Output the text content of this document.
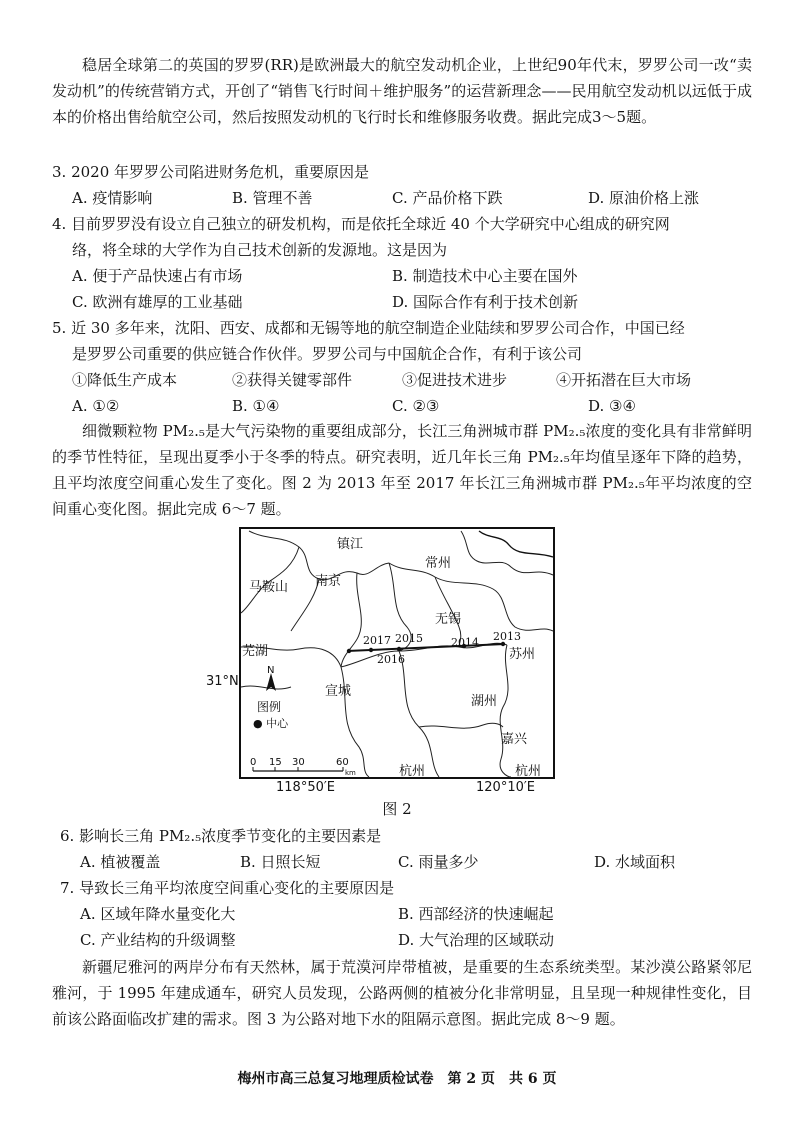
稳居全球第二的英国的罗罗(RR)是欧洲最大的航空发动机企业，上世纪90年代末，罗罗公司一改“卖发动机”的传统营销方式，开创了“销售飞行时间＋维护服务”的运营新理念——民用航空发动机以远低于成本的价格出售给航空公司，然后按照发动机的飞行时长和维修服务收费。据此完成3～5题。

3. 2020 年罗罗公司陷进财务危机，重要原因是
A. 疫情影响	B. 管理不善	C. 产品价格下跌	D. 原油价格上涨
4. 目前罗罗没有设立自己独立的研发机构，而是依托全球近 40 个大学研究中心组成的研究网
络，将全球的大学作为自己技术创新的发源地。这是因为
A. 便于产品快速占有市场	B. 制造技术中心主要在国外
C. 欧洲有雄厚的工业基础	D. 国际合作有利于技术创新
5. 近 30 多年来，沈阳、西安、成都和无锡等地的航空制造企业陆续和罗罗公司合作，中国已经
是罗罗公司重要的供应链合作伙伴。罗罗公司与中国航企合作，有利于该公司
①降低生产成本	②获得关键零部件	③促进技术进步	④开拓潜在巨大市场
A. ①②	B. ①④	C. ②③	D. ③④

细微颗粒物 PM₂.₅是大气污染物的重要组成部分，长江三角洲城市群 PM₂.₅浓度的变化具有非常鲜明的季节性特征，呈现出夏季小于冬季的特点。研究表明，近几年长三角 PM₂.₅年均值呈逐年下降的趋势，且平均浓度空间重心发生了变化。图 2 为 2013 年至 2017 年长江三角洲城市群 PM₂.₅年平均浓度的空间重心变化图。据此完成 6～7 题。

镇江
常州
南京
马鞍山
无锡
芜湖	苏州
宣城
湖州
嘉兴
杭州	杭州
2017 2015	2014 2013
2016
N
图例
● 中心
0 15 30	60
km
31°N
118°50′E	120°10′E
图 2
6. 影响长三角 PM₂.₅浓度季节变化的主要因素是
A. 植被覆盖	B. 日照长短	C. 雨量多少	D. 水域面积
7. 导致长三角平均浓度空间重心变化的主要原因是
A. 区域年降水量变化大	B. 西部经济的快速崛起
C. 产业结构的升级调整	D. 大气治理的区域联动

新疆尼雅河的两岸分布有天然林，属于荒漠河岸带植被，是重要的生态系统类型。某沙漠公路紧邻尼雅河，于 1995 年建成通车，研究人员发现，公路两侧的植被分化非常明显，且呈现一种规律性变化，目前该公路面临改扩建的需求。图 3 为公路对地下水的阻隔示意图。据此完成 8～9 题。

梅州市高三总复习地理质检试卷　第 2 页　共 6 页
